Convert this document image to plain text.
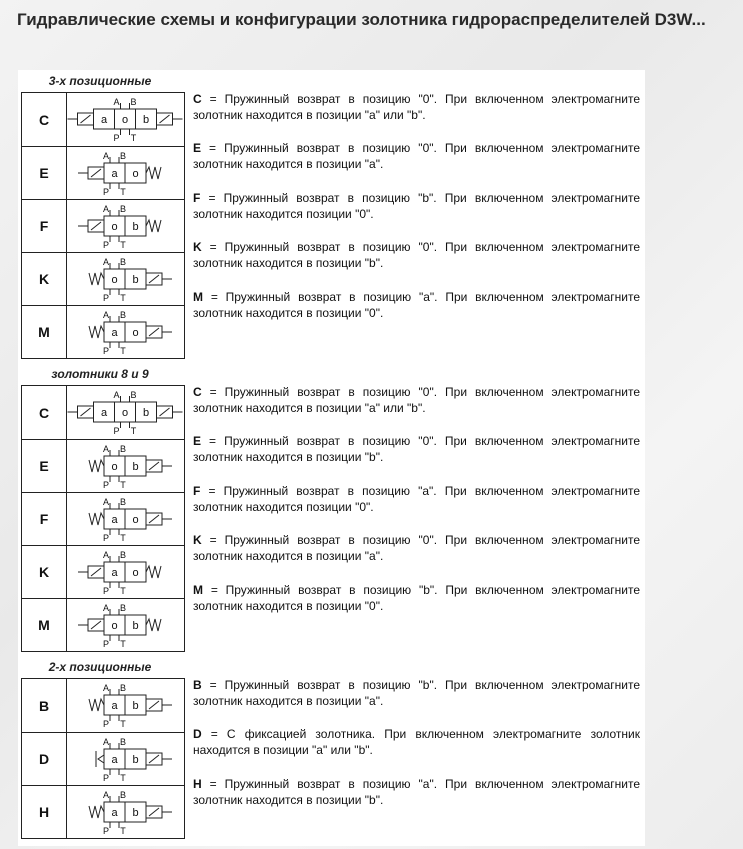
Гидравлические схемы и конфигурации золотника гидрораспределителей D3W...
3-х позиционные
C	a o b
A B
P T
E	a o
A B
P T
F	o b
A B
P T
K	o b
A B
P T
M	a o
A B
P T
C = Пружинный возврат в позицию "0". При включенном электромагните золотник находится в позиции "a" или "b".
E = Пружинный возврат в позицию "0". При включенном электромагните золотник находится в позиции "a".
F = Пружинный возврат в позицию "b". При включенном электромагните золотник находится позиции "0".
K = Пружинный возврат в позицию "0". При включенном электромагните золотник находится в позиции "b".
M = Пружинный возврат в позицию "a". При включенном электромагните золотник находится в позиции "0".
золотники 8 и 9
C	a o b
A B
P T
E	o b
A B
P T
F	a o
A B
P T
K	a o
A B
P T
M	o b
A B
P T
C = Пружинный возврат в позицию "0". При включенном электромагните золотник находится в позиции "a" или "b".
E = Пружинный возврат в позицию "0". При включенном электромагните золотник находится в позиции "b".
F = Пружинный возврат в позицию "a". При включенном электромагните золотник находится позиции "0".
K = Пружинный возврат в позицию "0". При включенном электромагните золотник находится в позиции "a".
M = Пружинный возврат в позицию "b". При включенном электромагните золотник находится в позиции "0".
2-х позиционные
B	a b
A B
P T
D	a b
A B
P T
H	a b
A B
P T
B = Пружинный возврат в позицию "b". При включенном электромагните золотник находится в позиции "a".
D = С фиксацией золотника. При включенном электромагните золотник находится в позиции "a" или "b".
H = Пружинный возврат в позицию "a". При включенном электромагните золотник находится в позиции "b".
